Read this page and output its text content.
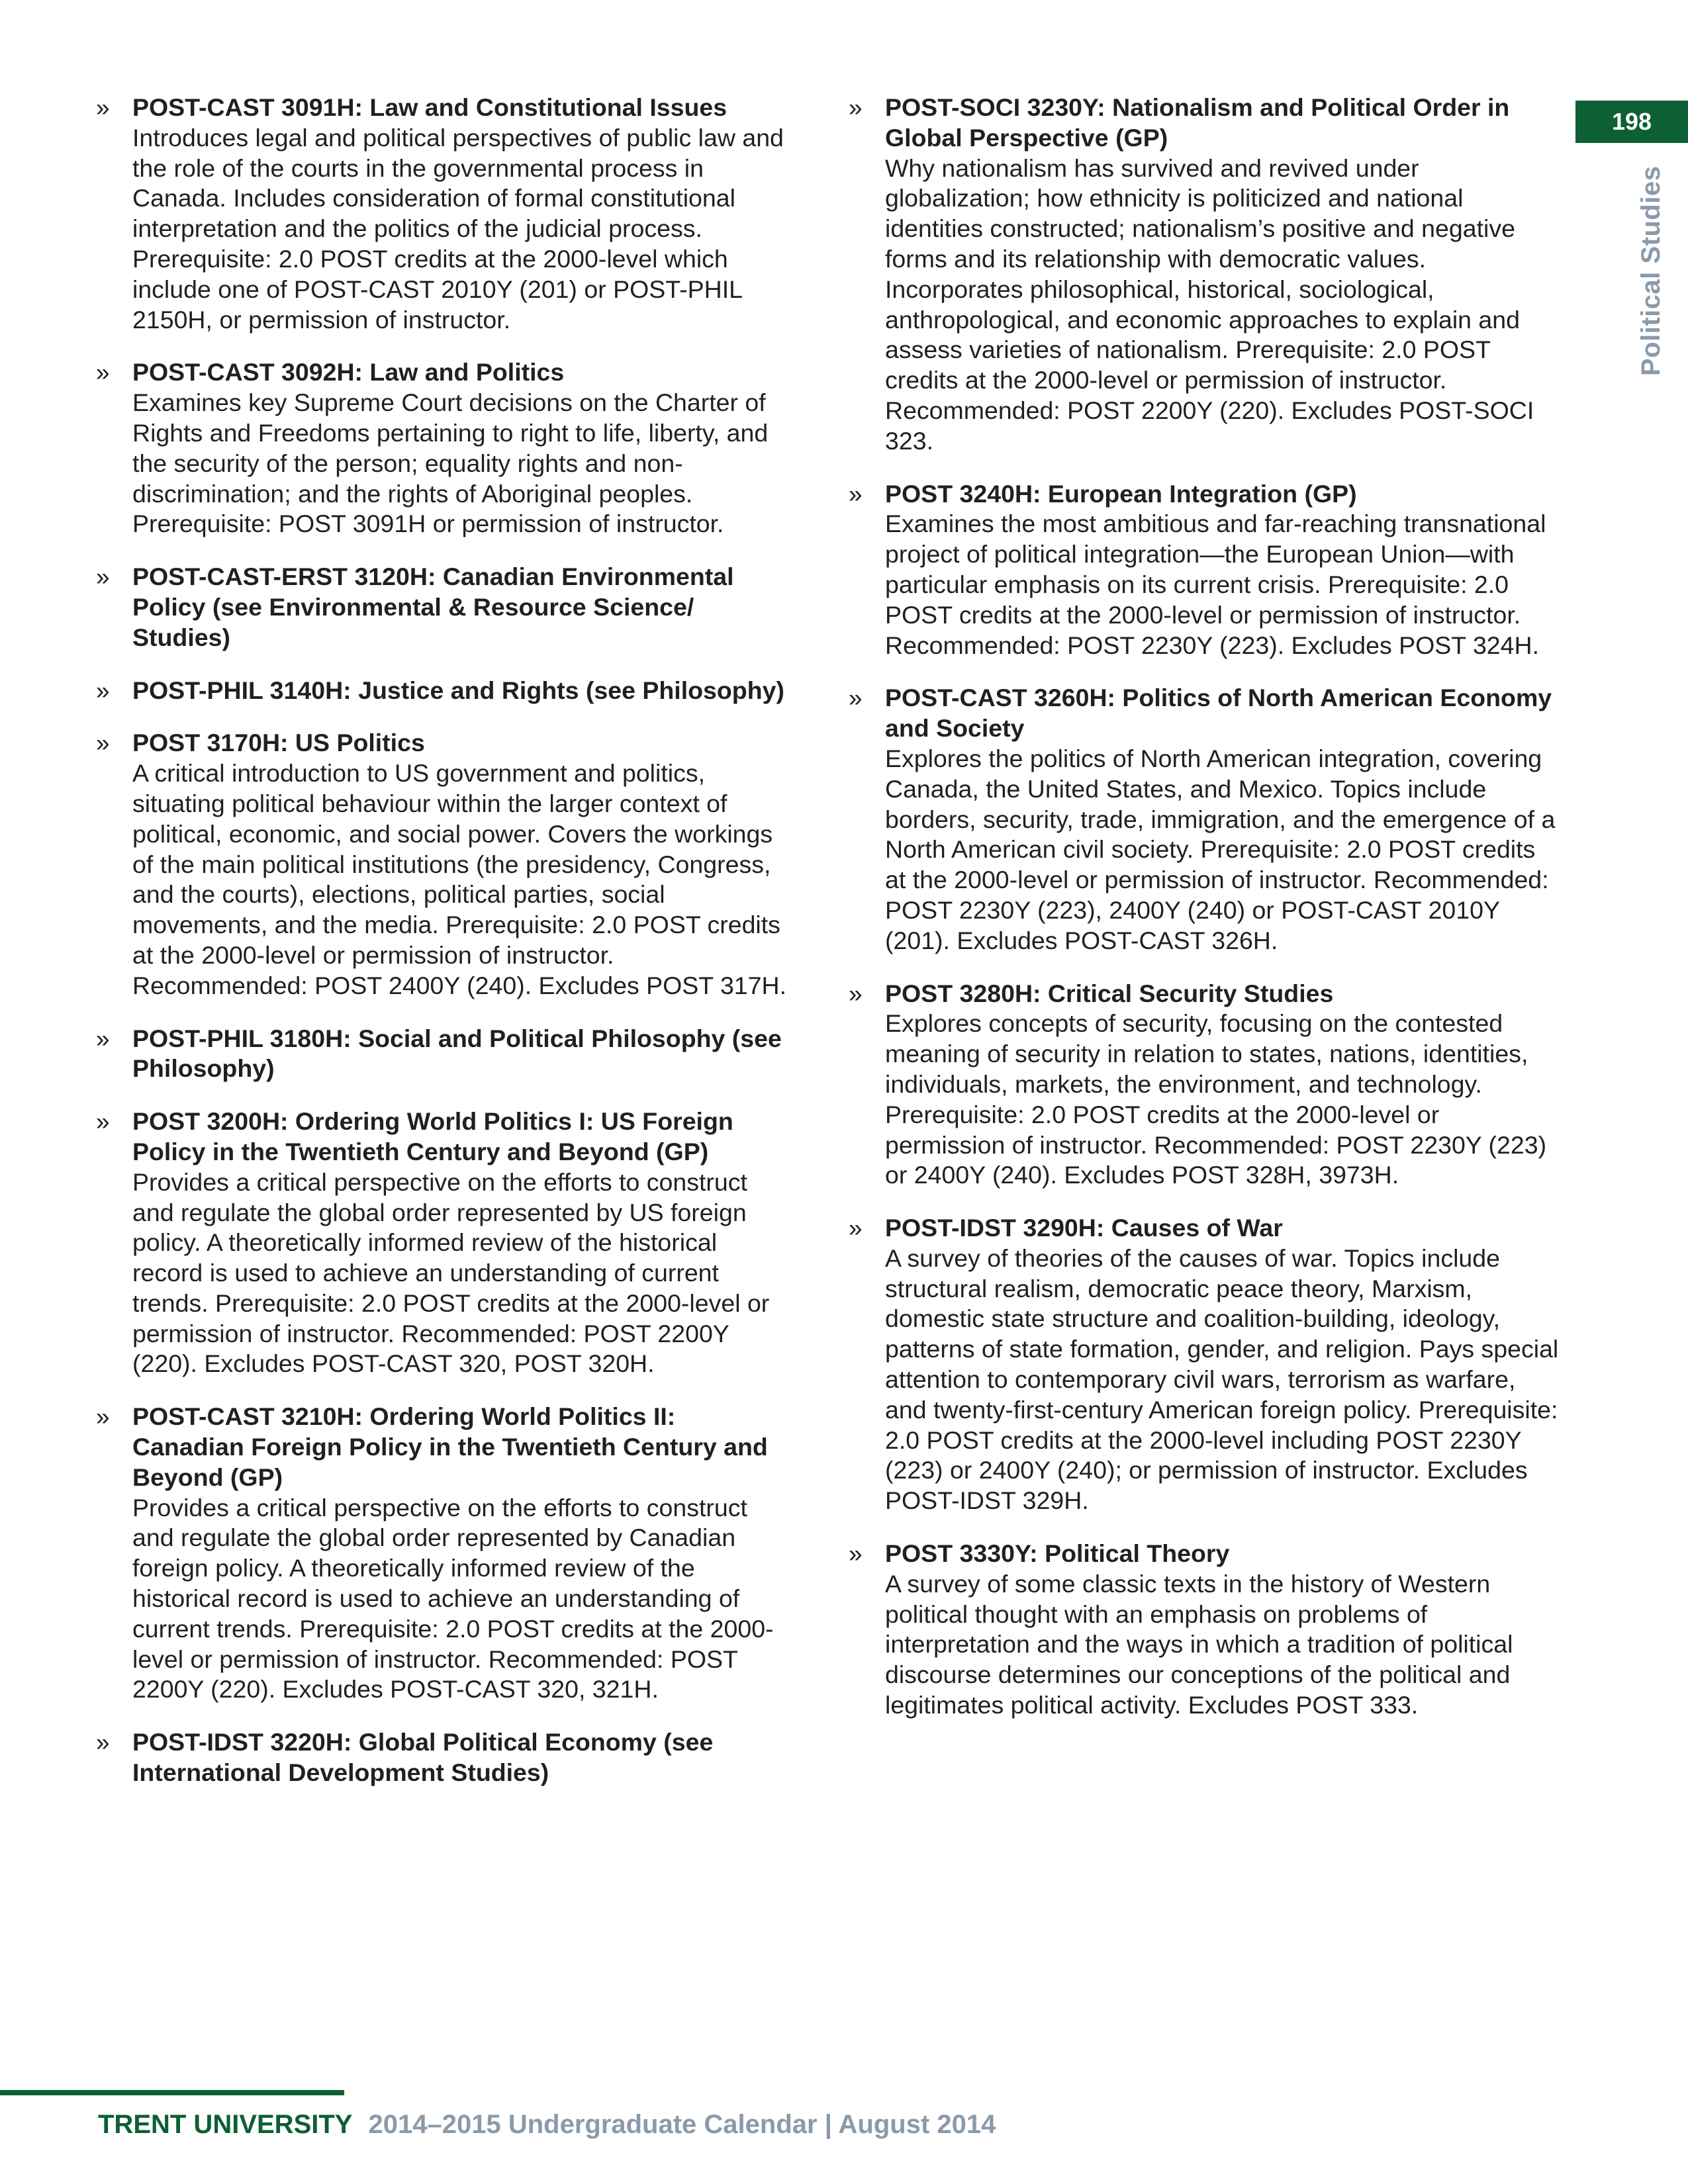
» POST-CAST 3091H: Law and Constitutional Issues
Introduces legal and political perspectives of public law and the role of the courts in the governmental process in Canada. Includes consideration of formal constitutional interpretation and the politics of the judicial process. Prerequisite: 2.0 POST credits at the 2000-level which include one of POST-CAST 2010Y (201) or POST-PHIL 2150H, or permission of instructor.
» POST-CAST 3092H: Law and Politics
Examines key Supreme Court decisions on the Charter of Rights and Freedoms pertaining to right to life, liberty, and the security of the person; equality rights and non-discrimination; and the rights of Aboriginal peoples. Prerequisite: POST 3091H or permission of instructor.
» POST-CAST-ERST 3120H: Canadian Environmental Policy (see Environmental & Resource Science/ Studies)
» POST-PHIL 3140H: Justice and Rights (see Philosophy)
» POST 3170H: US Politics
A critical introduction to US government and politics, situating political behaviour within the larger context of political, economic, and social power. Covers the workings of the main political institutions (the presidency, Congress, and the courts), elections, political parties, social movements, and the media. Prerequisite: 2.0 POST credits at the 2000-level or permission of instructor. Recommended: POST 2400Y (240). Excludes POST 317H.
» POST-PHIL 3180H: Social and Political Philosophy (see Philosophy)
» POST 3200H: Ordering World Politics I: US Foreign Policy in the Twentieth Century and Beyond (GP)
Provides a critical perspective on the efforts to construct and regulate the global order represented by US foreign policy. A theoretically informed review of the historical record is used to achieve an understanding of current trends. Prerequisite: 2.0 POST credits at the 2000-level or permission of instructor. Recommended: POST 2200Y (220). Excludes POST-CAST 320, POST 320H.
» POST-CAST 3210H: Ordering World Politics II: Canadian Foreign Policy in the Twentieth Century and Beyond (GP)
Provides a critical perspective on the efforts to construct and regulate the global order represented by Canadian foreign policy. A theoretically informed review of the historical record is used to achieve an understanding of current trends. Prerequisite: 2.0 POST credits at the 2000-level or permission of instructor. Recommended: POST 2200Y (220). Excludes POST-CAST 320, 321H.
» POST-IDST 3220H: Global Political Economy (see International Development Studies)
» POST-SOCI 3230Y: Nationalism and Political Order in Global Perspective (GP)
Why nationalism has survived and revived under globalization; how ethnicity is politicized and national identities constructed; nationalism’s positive and negative forms and its relationship with democratic values. Incorporates philosophical, historical, sociological, anthropological, and economic approaches to explain and assess varieties of nationalism. Prerequisite: 2.0 POST credits at the 2000-level or permission of instructor. Recommended: POST 2200Y (220). Excludes POST-SOCI 323.
» POST 3240H: European Integration (GP)
Examines the most ambitious and far-reaching transnational project of political integration—the European Union—with particular emphasis on its current crisis. Prerequisite: 2.0 POST credits at the 2000-level or permission of instructor. Recommended: POST 2230Y (223). Excludes POST 324H.
» POST-CAST 3260H: Politics of North American Economy and Society
Explores the politics of North American integration, covering Canada, the United States, and Mexico. Topics include borders, security, trade, immigration, and the emergence of a North American civil society. Prerequisite: 2.0 POST credits at the 2000-level or permission of instructor. Recommended: POST 2230Y (223), 2400Y (240) or POST-CAST 2010Y (201). Excludes POST-CAST 326H.
» POST 3280H: Critical Security Studies
Explores concepts of security, focusing on the contested meaning of security in relation to states, nations, identities, individuals, markets, the environment, and technology. Prerequisite: 2.0 POST credits at the 2000-level or permission of instructor. Recommended: POST 2230Y (223) or 2400Y (240). Excludes POST 328H, 3973H.
» POST-IDST 3290H: Causes of War
A survey of theories of the causes of war. Topics include structural realism, democratic peace theory, Marxism, domestic state structure and coalition-building, ideology, patterns of state formation, gender, and religion. Pays special attention to contemporary civil wars, terrorism as warfare, and twenty-first-century American foreign policy. Prerequisite: 2.0 POST credits at the 2000-level including POST 2230Y (223) or 2400Y (240); or permission of instructor. Excludes POST-IDST 329H.
» POST 3330Y: Political Theory
A survey of some classic texts in the history of Western political thought with an emphasis on problems of interpretation and the ways in which a tradition of political discourse determines our conceptions of the political and legitimates political activity. Excludes POST 333.
198
Political Studies
TRENT UNIVERSITY 2014–2015 Undergraduate Calendar | August 2014
